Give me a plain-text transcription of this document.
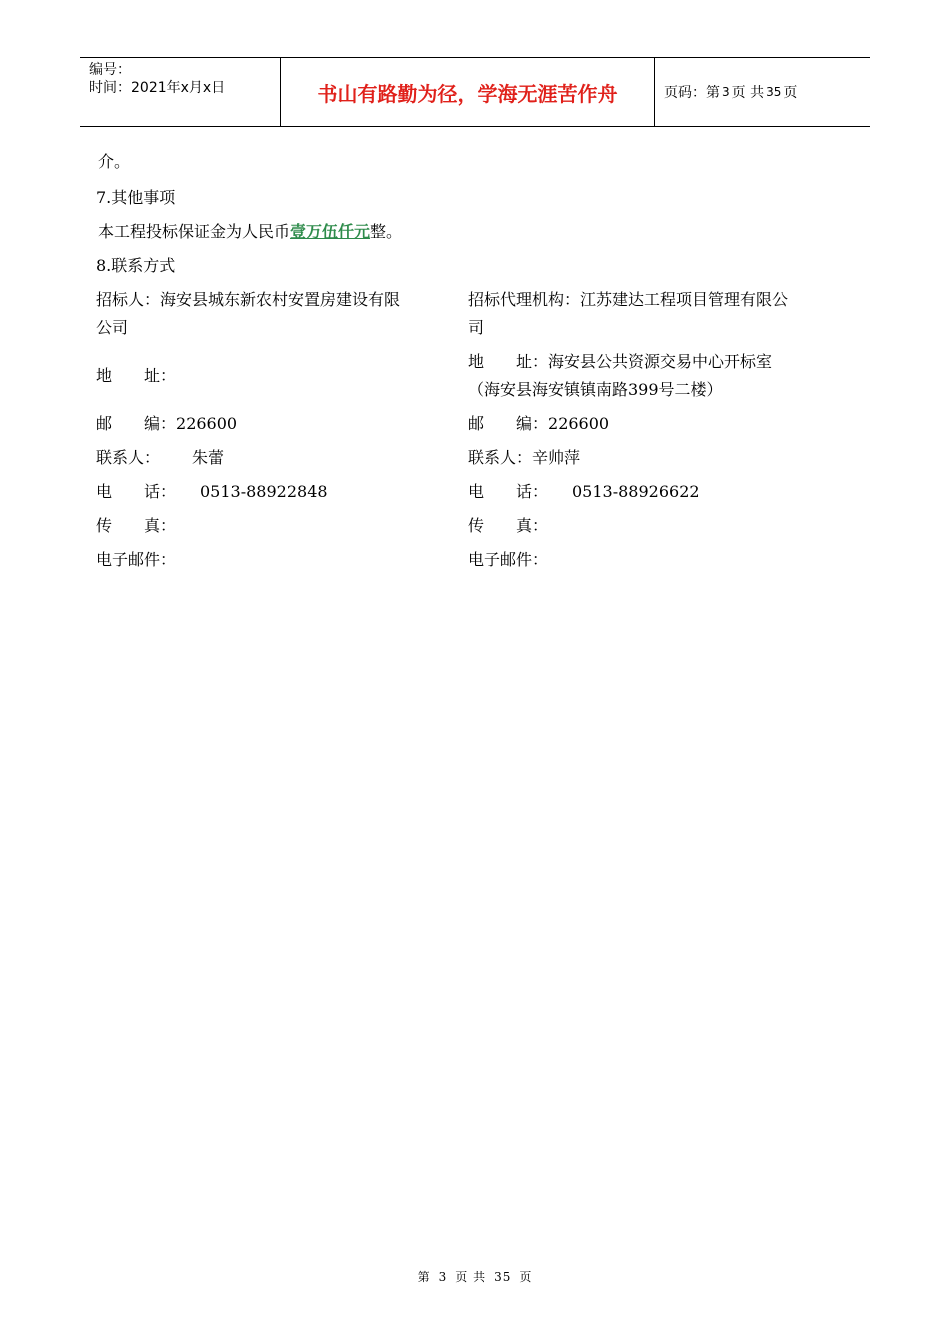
编号：
时间：2021年x月x日	书山有路勤为径，学海无涯苦作舟	页码：第 3 页 共 35 页
介。
7.其他事项
本工程投标保证金为人民币壹万伍仟元整。
8.联系方式
招标人：海安县城东新农村安置房建设有限
公司
地　　址：
邮　　编：226600
联系人： 朱蕾
电　　话： 0513-88922848
传　　真：
电子邮件：
招标代理机构：江苏建达工程项目管理有限公
司
地　　址：海安县公共资源交易中心开标室
（海安县海安镇镇南路399号二楼）
邮　　编：226600
联系人：辛帅萍
电　　话： 0513-88926622
传　　真：
电子邮件：
第 3 页 共 35 页
